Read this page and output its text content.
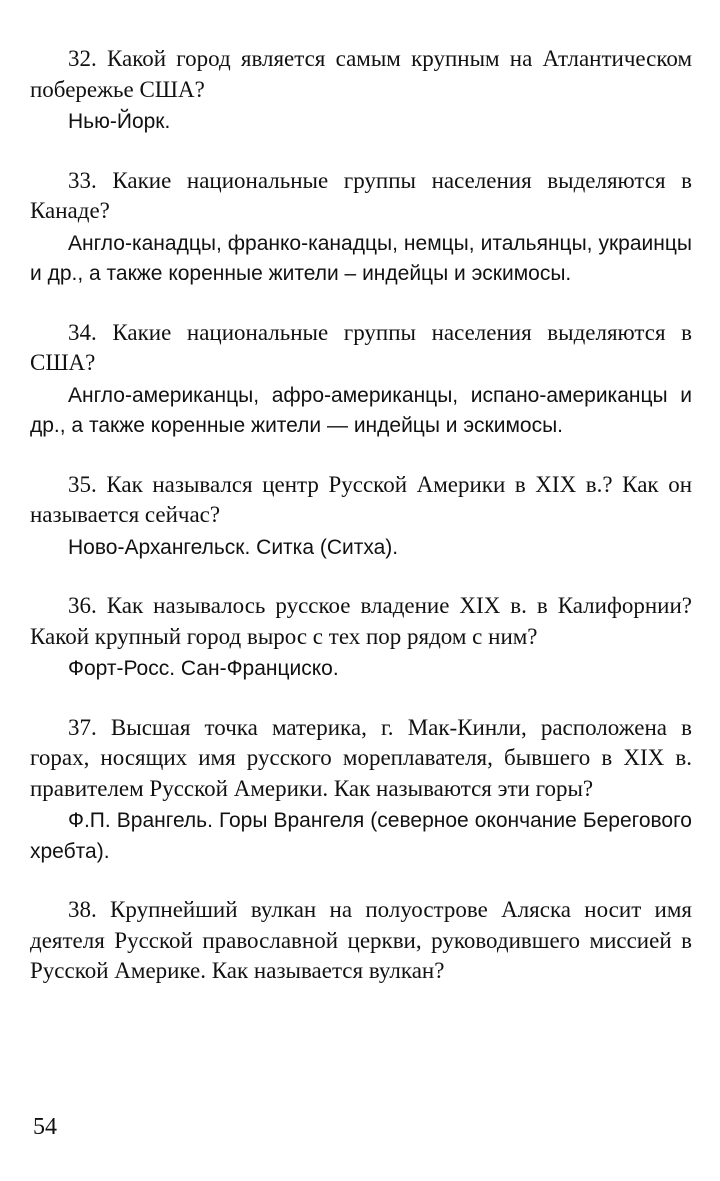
32. Какой город является самым крупным на Атлантическом побережье США?

Нью-Йорк.

33. Какие национальные группы населения выделяются в Канаде?

Англо-канадцы, франко-канадцы, немцы, итальянцы, украинцы и др., а также коренные жители – индейцы и эскимосы.

34. Какие национальные группы населения выделяются в США?

Англо-американцы, афро-американцы, испано-американцы и др., а также коренные жители — индейцы и эскимосы.

35. Как назывался центр Русской Америки в XIX в.? Как он называется сейчас?

Ново-Архангельск. Ситка (Ситха).

36. Как называлось русское владение XIX в. в Калифорнии? Какой крупный город вырос с тех пор рядом с ним?

Форт-Росс. Сан-Франциско.

37. Высшая точка материка, г. Мак-Кинли, расположена в горах, носящих имя русского мореплавателя, бывшего в XIX в. правителем Русской Америки. Как называются эти горы?

Ф.П. Врангель. Горы Врангеля (северное окончание Берегового хребта).

38. Крупнейший вулкан на полуострове Аляска носит имя деятеля Русской православной церкви, руководившего миссией в Русской Америке. Как называется вулкан?

54
